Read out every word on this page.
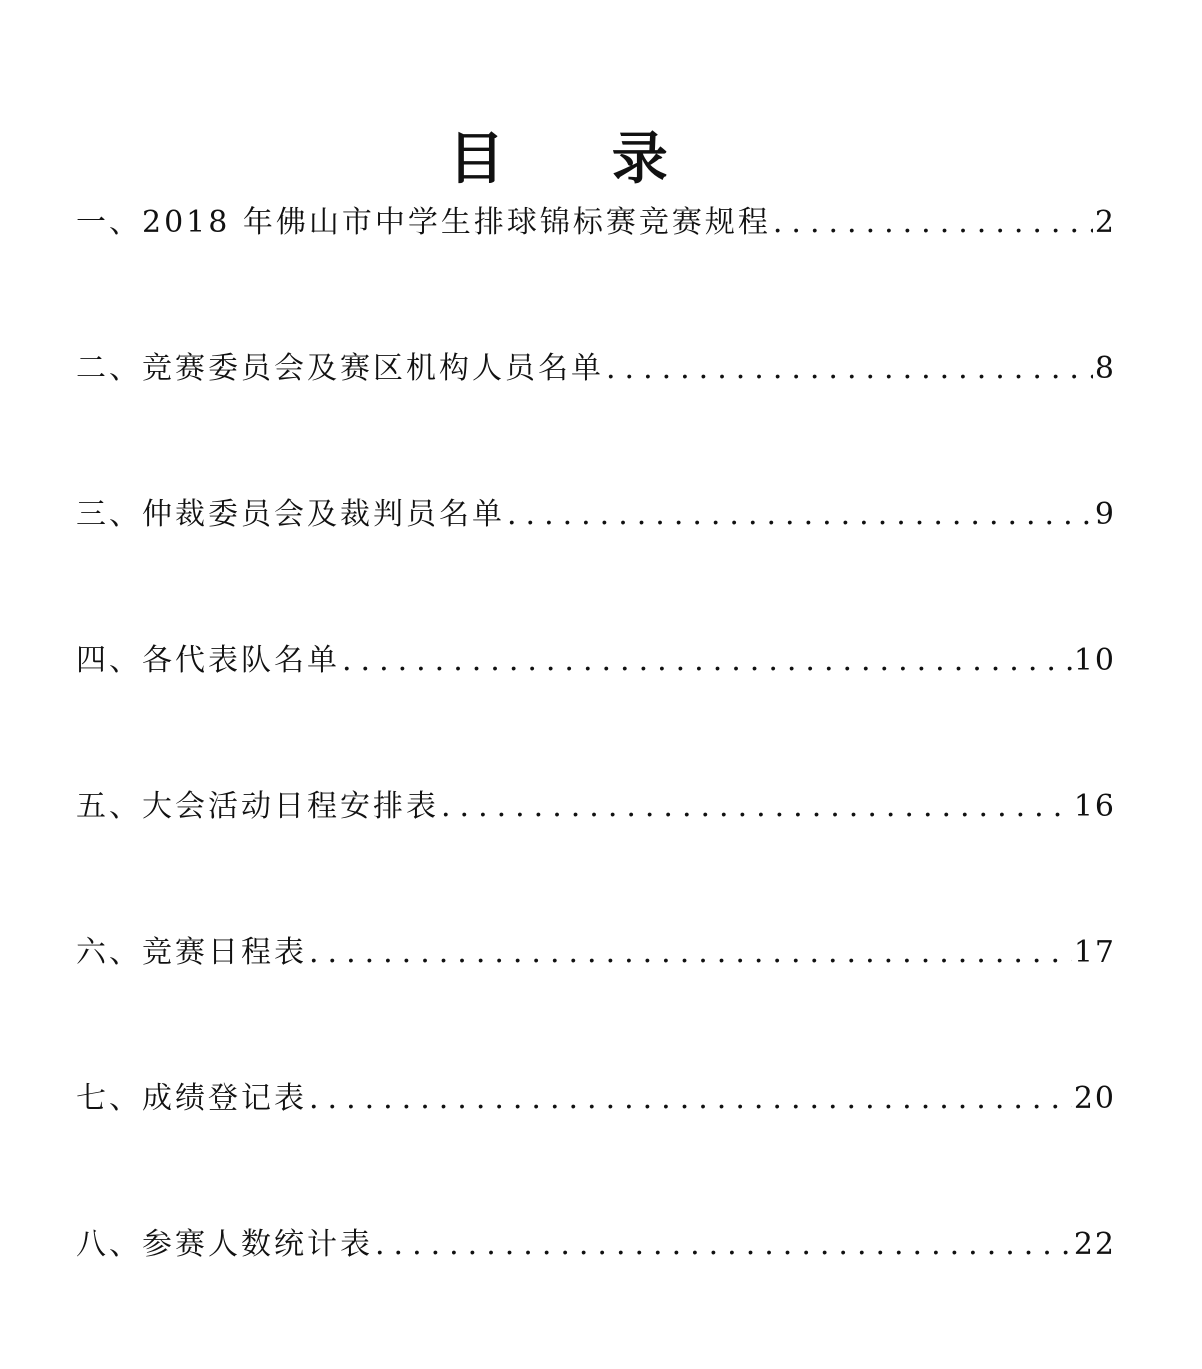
目 录
一、2018 年佛山市中学生排球锦标赛竞赛规程 .....	2
二、竞赛委员会及赛区机构人员名单 .....	8
三、仲裁委员会及裁判员名单 .....	9
四、各代表队名单 .....	10
五、大会活动日程安排表 .....	16
六、竞赛日程表 .....	17
七、成绩登记表 .....	20
八、参赛人数统计表 .....	22
